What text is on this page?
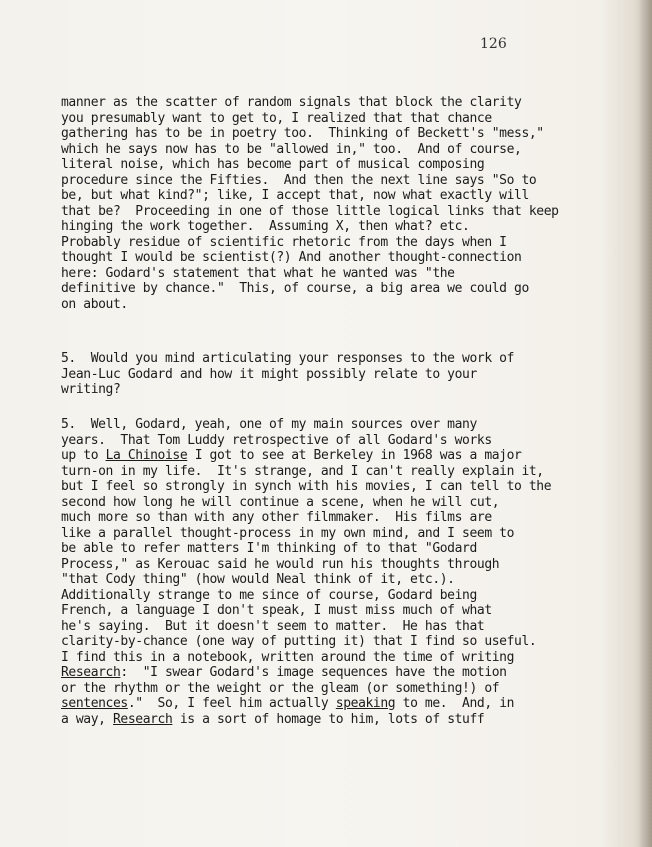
126
manner as the scatter of random signals that block the clarity
you presumably want to get to, I realized that that chance
gathering has to be in poetry too.  Thinking of Beckett's "mess,"
which he says now has to be "allowed in," too.  And of course,
literal noise, which has become part of musical composing
procedure since the Fifties.  And then the next line says "So to
be, but what kind?"; like, I accept that, now what exactly will
that be?  Proceeding in one of those little logical links that keep
hinging the work together.  Assuming X, then what? etc.
Probably residue of scientific rhetoric from the days when I
thought I would be scientist(?) And another thought-connection
here: Godard's statement that what he wanted was "the
definitive by chance."  This, of course, a big area we could go
on about.
5.  Would you mind articulating your responses to the work of
Jean-Luc Godard and how it might possibly relate to your
writing?
5.  Well, Godard, yeah, one of my main sources over many
years.  That Tom Luddy retrospective of all Godard's works
up to La Chinoise I got to see at Berkeley in 1968 was a major
turn-on in my life.  It's strange, and I can't really explain it,
but I feel so strongly in synch with his movies, I can tell to the
second how long he will continue a scene, when he will cut,
much more so than with any other filmmaker.  His films are
like a parallel thought-process in my own mind, and I seem to
be able to refer matters I'm thinking of to that "Godard
Process," as Kerouac said he would run his thoughts through
"that Cody thing" (how would Neal think of it, etc.).
Additionally strange to me since of course, Godard being
French, a language I don't speak, I must miss much of what
he's saying.  But it doesn't seem to matter.  He has that
clarity-by-chance (one way of putting it) that I find so useful.
I find this in a notebook, written around the time of writing
Research:  "I swear Godard's image sequences have the motion
or the rhythm or the weight or the gleam (or something!) of
sentences."  So, I feel him actually speaking to me.  And, in
a way, Research is a sort of homage to him, lots of stuff
